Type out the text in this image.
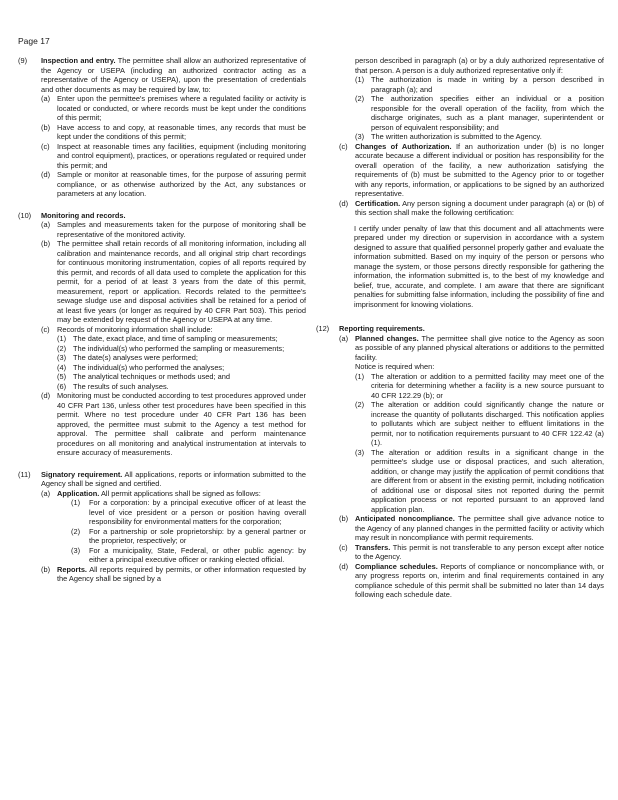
Page 17
(9)	Inspection and entry. The permittee shall allow an authorized representative of the Agency or USEPA (including an authorized contractor acting as a representative of the Agency or USEPA), upon the presentation of credentials and other documents as may be required by law, to:
(a) Enter upon the permittee's premises where a regulated facility or activity is located or conducted, or where records must be kept under the conditions of this permit;
(b) Have access to and copy, at reasonable times, any records that must be kept under the conditions of this permit;
(c) Inspect at reasonable times any facilities, equipment (including monitoring and control equipment), practices, or operations regulated or required under this permit; and
(d) Sample or monitor at reasonable times, for the purpose of assuring permit compliance, or as otherwise authorized by the Act, any substances or parameters at any location.
(10)	Monitoring and records.
(a) Samples and measurements taken for the purpose of monitoring shall be representative of the monitored activity.
(b) The permittee shall retain records of all monitoring information, including all calibration and maintenance records, and all original strip chart recordings for continuous monitoring instrumentation, copies of all reports required by this permit, and records of all data used to complete the application for this permit, for a period of at least 3 years from the date of this permit, measurement, report or application. Records related to the permittee's sewage sludge use and disposal activities shall be retained for a period of at least five years (or longer as required by 40 CFR Part 503). This period may be extended by request of the Agency or USEPA at any time.
(c) Records of monitoring information shall include:
(1) The date, exact place, and time of sampling or measurements;
(2) The individual(s) who performed the sampling or measurements;
(3) The date(s) analyses were performed;
(4) The individual(s) who performed the analyses;
(5) The analytical techniques or methods used; and
(6) The results of such analyses.
(d) Monitoring must be conducted according to test procedures approved under 40 CFR Part 136, unless other test procedures have been specified in this permit. Where no test procedure under 40 CFR Part 136 has been approved, the permittee must submit to the Agency a test method for approval. The permittee shall calibrate and perform maintenance procedures on all monitoring and analytical instrumentation at intervals to ensure accuracy of measurements.
(11)	Signatory requirement. All applications, reports or information submitted to the Agency shall be signed and certified.
(a) Application. All permit applications shall be signed as follows:
(1)	For a corporation: by a principal executive officer of at least the level of vice president or a person or position having overall responsibility for environmental matters for the corporation;
(2)	For a partnership or sole proprietorship: by a general partner or the proprietor, respectively; or
(3)	For a municipality, State, Federal, or other public agency: by either a principal executive officer or ranking elected official.
(b) Reports. All reports required by permits, or other information requested by the Agency shall be signed by a
person described in paragraph (a) or by a duly authorized representative of that person. A person is a duly authorized representative only if:
(1) The authorization is made in writing by a person described in paragraph (a); and
(2) The authorization specifies either an individual or a position responsible for the overall operation of the facility, from which the discharge originates, such as a plant manager, superintendent or person of equivalent responsibility; and
(3) The written authorization is submitted to the Agency.
(c) Changes of Authorization. If an authorization under (b) is no longer accurate because a different individual or position has responsibility for the overall operation of the facility, a new authorization satisfying the requirements of (b) must be submitted to the Agency prior to or together with any reports, information, or applications to be signed by an authorized representative.
(d) Certification. Any person signing a document under paragraph (a) or (b) of this section shall make the following certification:
I certify under penalty of law that this document and all attachments were prepared under my direction or supervision in accordance with a system designed to assure that qualified personnel properly gather and evaluate the information submitted. Based on my inquiry of the person or persons who manage the system, or those persons directly responsible for gathering the information, the information submitted is, to the best of my knowledge and belief, true, accurate, and complete. I am aware that there are significant penalties for submitting false information, including the possibility of fine and imprisonment for knowing violations.
(12)	Reporting requirements.
(a) Planned changes. The permittee shall give notice to the Agency as soon as possible of any planned physical alterations or additions to the permitted facility.
Notice is required when:
(1) The alteration or addition to a permitted facility may meet one of the criteria for determining whether a facility is a new source pursuant to 40 CFR 122.29 (b); or
(2) The alteration or addition could significantly change the nature or increase the quantity of pollutants discharged. This notification applies to pollutants which are subject neither to effluent limitations in the permit, nor to notification requirements pursuant to 40 CFR 122.42 (a)(1).
(3) The alteration or addition results in a significant change in the permittee's sludge use or disposal practices, and such alteration, addition, or change may justify the application of permit conditions that are different from or absent in the existing permit, including notification of additional use or disposal sites not reported during the permit application process or not reported pursuant to an approved land application plan.
(b) Anticipated noncompliance. The permittee shall give advance notice to the Agency of any planned changes in the permitted facility or activity which may result in noncompliance with permit requirements.
(c) Transfers. This permit is not transferable to any person except after notice to the Agency.
(d) Compliance schedules. Reports of compliance or noncompliance with, or any progress reports on, interim and final requirements contained in any compliance schedule of this permit shall be submitted no later than 14 days following each schedule date.
